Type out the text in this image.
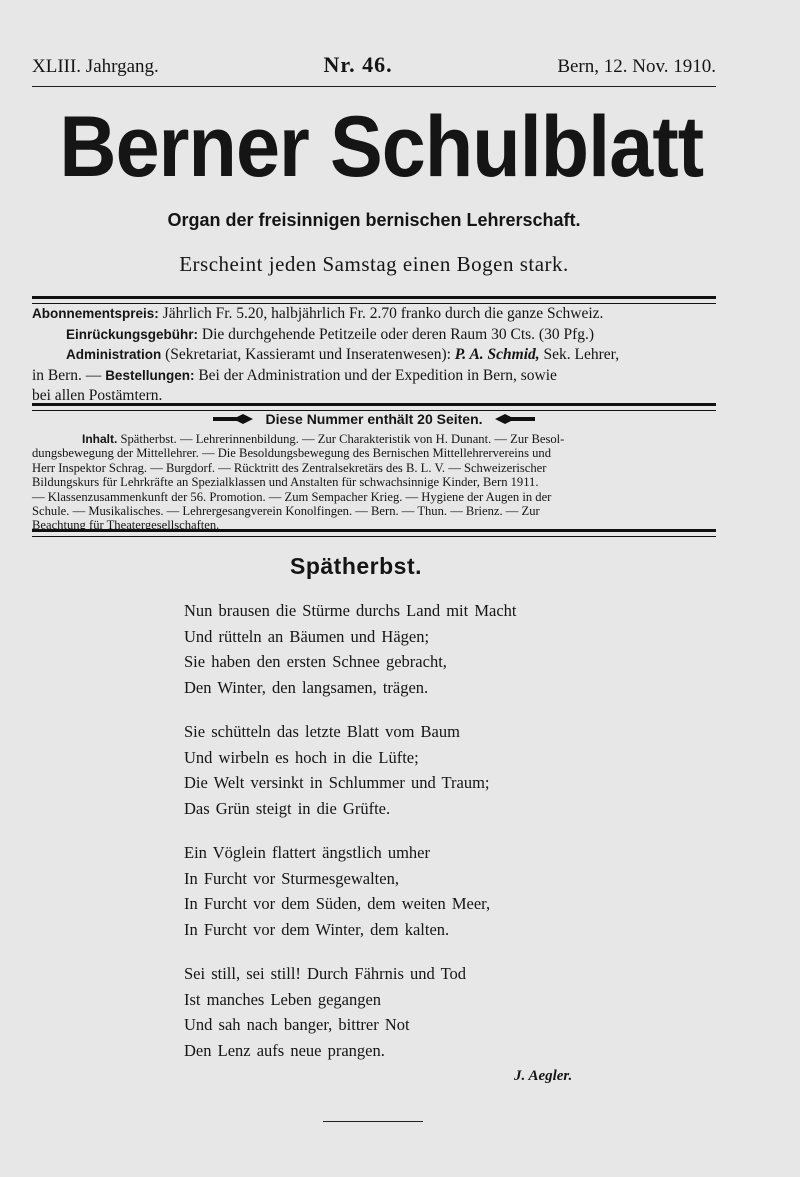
XLIII. Jahrgang.	Nr. 46.	Bern, 12. Nov. 1910.
Berner Schulblatt
Organ der freisinnigen bernischen Lehrerschaft.
Erscheint jeden Samstag einen Bogen stark.
Abonnementspreis: Jährlich Fr. 5.20, halbjährlich Fr. 2.70 franko durch die ganze Schweiz.
Einrückungsgebühr: Die durchgehende Petitzeile oder deren Raum 30 Cts. (30 Pfg.)
Administration (Sekretariat, Kassieramt und Inseratenwesen): P. A. Schmid, Sek. Lehrer,
in Bern. — Bestellungen: Bei der Administration und der Expedition in Bern, sowie
bei allen Postämtern.
Diese Nummer enthält 20 Seiten.
Inhalt. Spätherbst. — Lehrerinnenbildung. — Zur Charakteristik von H. Dunant. — Zur Besol-
dungsbewegung der Mittellehrer. — Die Besoldungsbewegung des Bernischen Mittellehrervereins und
Herr Inspektor Schrag. — Burgdorf. — Rücktritt des Zentralsekretärs des B. L. V. — Schweizerischer
Bildungskurs für Lehrkräfte an Spezialklassen und Anstalten für schwachsinnige Kinder, Bern 1911.
— Klassenzusammenkunft der 56. Promotion. — Zum Sempacher Krieg. — Hygiene der Augen in der
Schule. — Musikalisches. — Lehrergesangverein Konolfingen. — Bern. — Thun. — Brienz. — Zur
Beachtung für Theatergesellschaften.
Spätherbst.
Nun brausen die Stürme durchs Land mit Macht
Und rütteln an Bäumen und Hägen;
Sie haben den ersten Schnee gebracht,
Den Winter, den langsamen, trägen.
Sie schütteln das letzte Blatt vom Baum
Und wirbeln es hoch in die Lüfte;
Die Welt versinkt in Schlummer und Traum;
Das Grün steigt in die Grüfte.
Ein Vöglein flattert ängstlich umher
In Furcht vor Sturmesgewalten,
In Furcht vor dem Süden, dem weiten Meer,
In Furcht vor dem Winter, dem kalten.
Sei still, sei still! Durch Fährnis und Tod
Ist manches Leben gegangen
Und sah nach banger, bittrer Not
Den Lenz aufs neue prangen.
J. Aegler.
